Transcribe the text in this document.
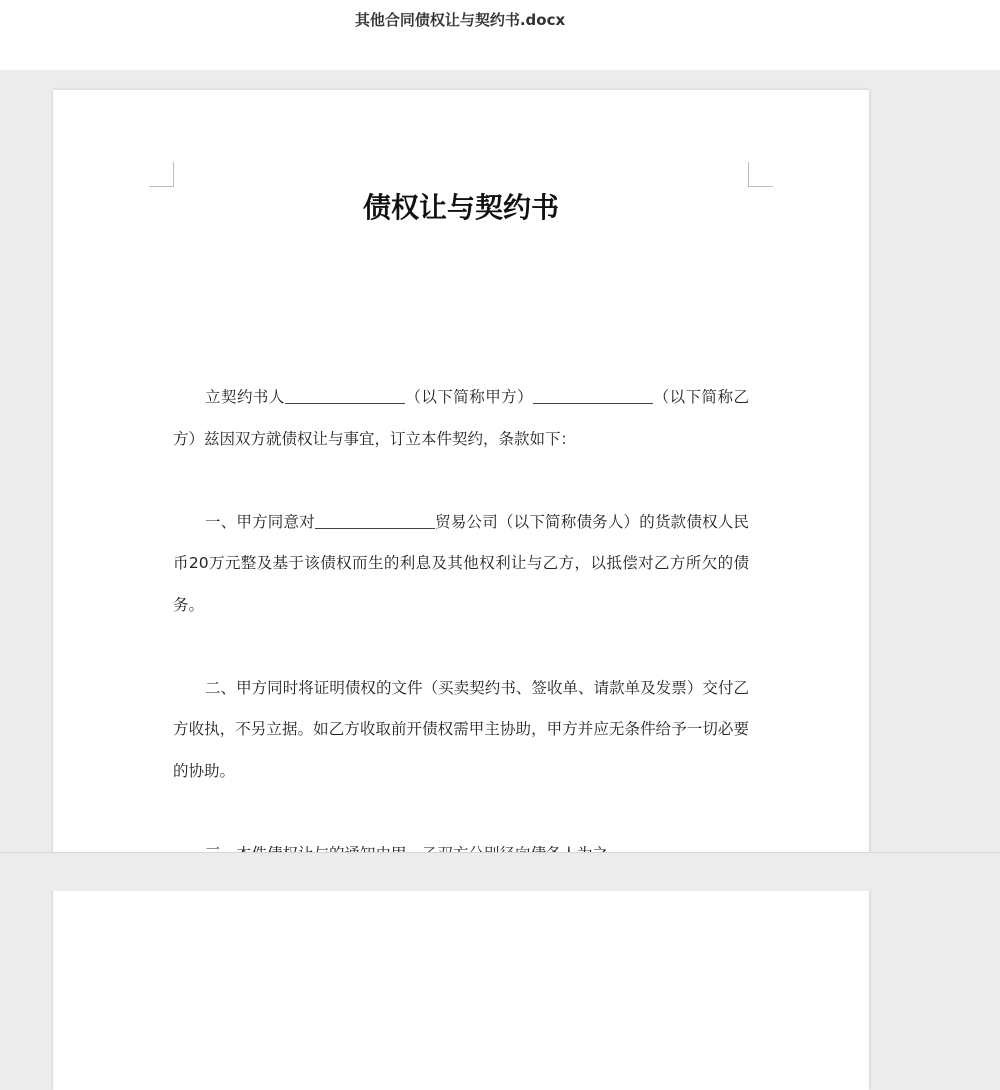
其他合同债权让与契约书.docx
债权让与契约书

立契约书人	（以下简称甲方）	（以下简称乙方）兹因双方就债权让与事宜，订立本件契约，条款如下：

一、甲方同意对	贸易公司（以下简称债务人）的货款债权人民币20万元整及基于该债权而生的利息及其他权利让与乙方，以抵偿对乙方所欠的债务。

二、甲方同时将证明债权的文件（买卖契约书、签收单、请款单及发票）交付乙方收执，不另立据。如乙方收取前开债权需甲主协助，甲方并应无条件给予一切必要的协助。
